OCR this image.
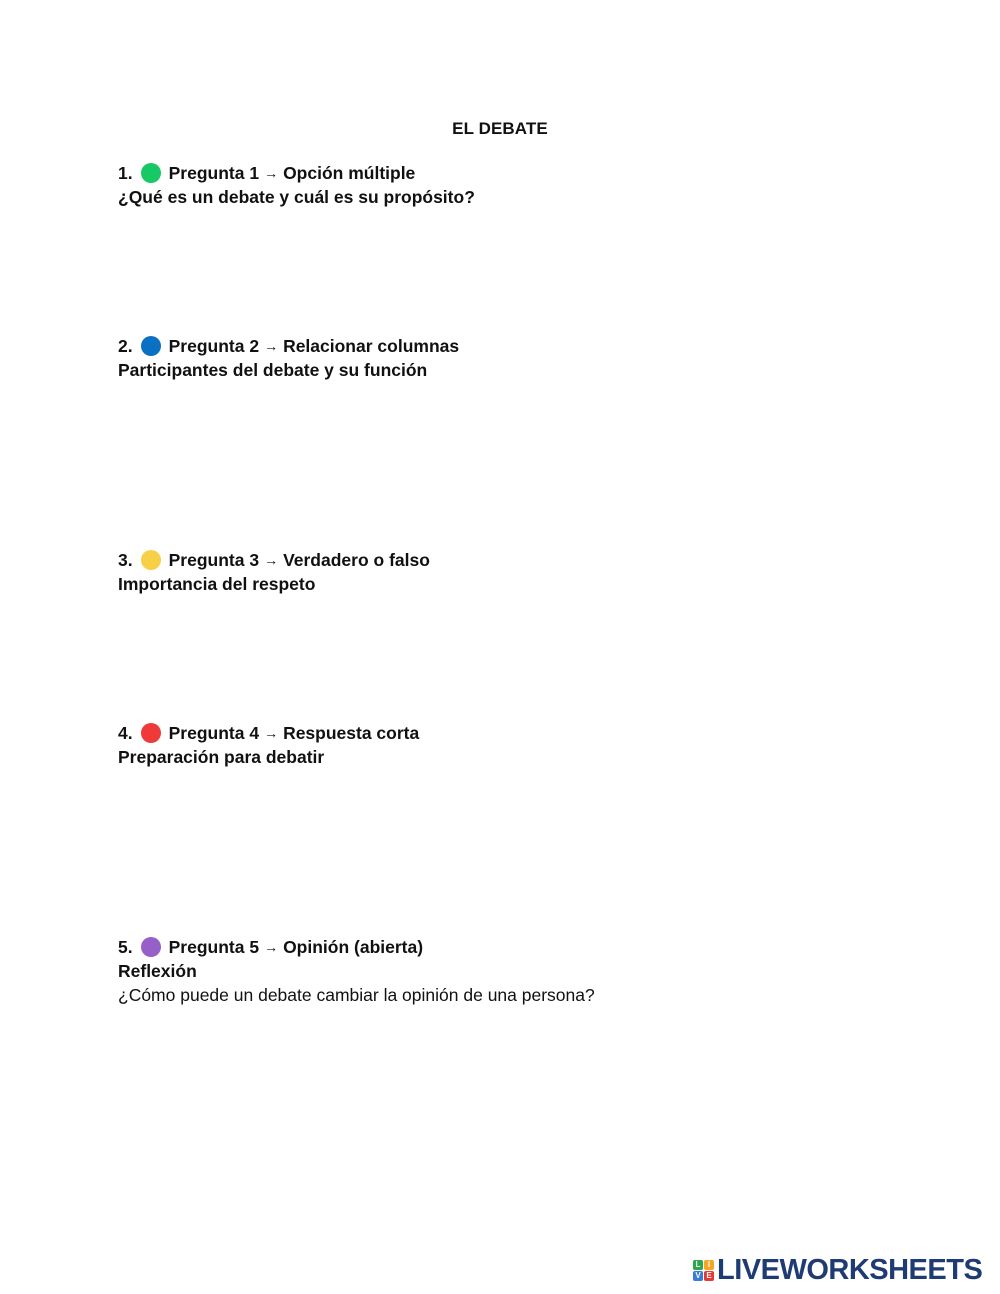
EL DEBATE
1. Pregunta 1 → Opción múltiple
¿Qué es un debate y cuál es su propósito?
2. Pregunta 2 → Relacionar columnas
Participantes del debate y su función
3. Pregunta 3 → Verdadero o falso
Importancia del respeto
4. Pregunta 4 → Respuesta corta
Preparación para debatir
5. Pregunta 5 → Opinión (abierta)
Reflexión
¿Cómo puede un debate cambiar la opinión de una persona?
L I
V E LIVEWORKSHEETS
